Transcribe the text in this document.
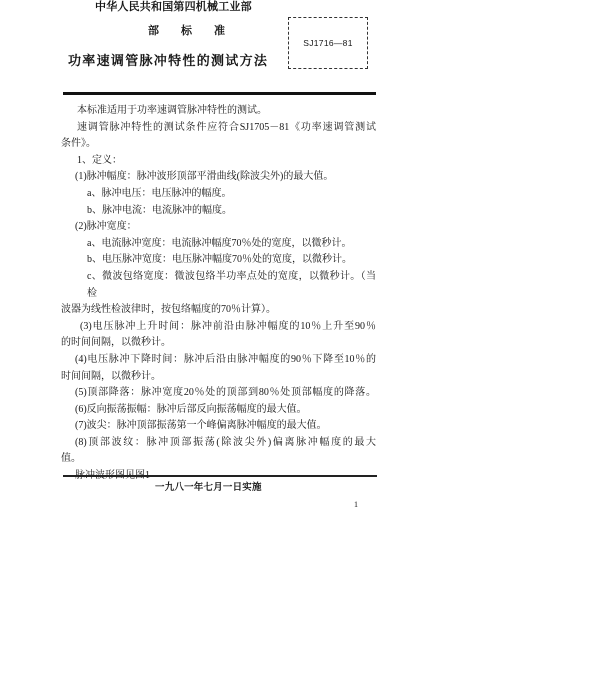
中华人民共和国第四机械工业部
部标准
SJ1716—81
功率速调管脉冲特性的测试方法
本标准适用于功率速调管脉冲特性的测试。
速调管脉冲特性的测试条件应符合SJ1705－81《功率速调管测试
条件》。
1、定义：
(1)脉冲幅度：脉冲波形顶部平滑曲线(除波尖外)的最大值。
a、脉冲电压：电压脉冲的幅度。
b、脉冲电流：电流脉冲的幅度。
(2)脉冲宽度：
a、电流脉冲宽度：电流脉冲幅度70％处的宽度，以微秒计。
b、电压脉冲宽度：电压脉冲幅度70％处的宽度，以微秒计。
c、微波包络宽度：微波包络半功率点处的宽度，以微秒计。（当检
波器为线性检波律时，按包络幅度的70％计算）。
(3)电压脉冲上升时间：脉冲前沿由脉冲幅度的10％上升至90％
的时间间隔，以微秒计。
(4)电压脉冲下降时间：脉冲后沿由脉冲幅度的90％下降至10％的
时间间隔，以微秒计。
(5)顶部降落：脉冲宽度20％处的顶部到80％处顶部幅度的降落。
(6)反向振荡振幅：脉冲后部反向振荡幅度的最大值。
(7)波尖：脉冲顶部振荡第一个峰偏离脉冲幅度的最大值。
(8)顶部波纹：脉冲顶部振荡(除波尖外)偏离脉冲幅度的最大
值。
一九八一年七月一日实施
1
